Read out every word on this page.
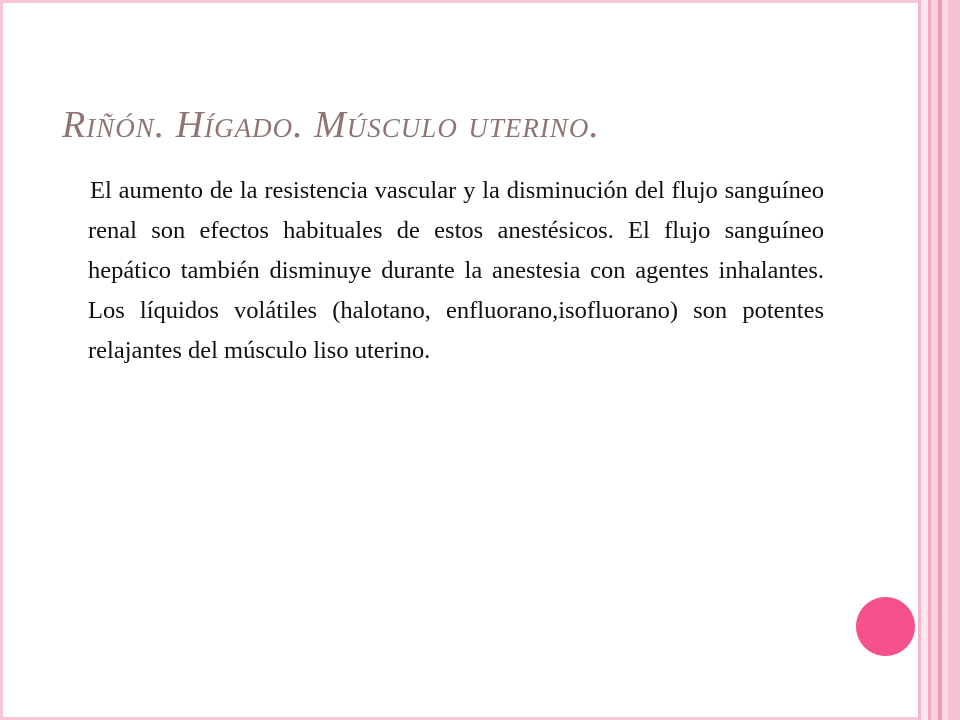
Riñón. Hígado. Músculo uterino.

El aumento de la resistencia vascular y la disminución del flujo sanguíneo renal son efectos habituales de estos anestésicos. El flujo sanguíneo hepático también disminuye durante la anestesia con agentes inhalantes. Los líquidos volátiles (halotano, enfluorano,isofluorano) son potentes relajantes del músculo liso uterino.
